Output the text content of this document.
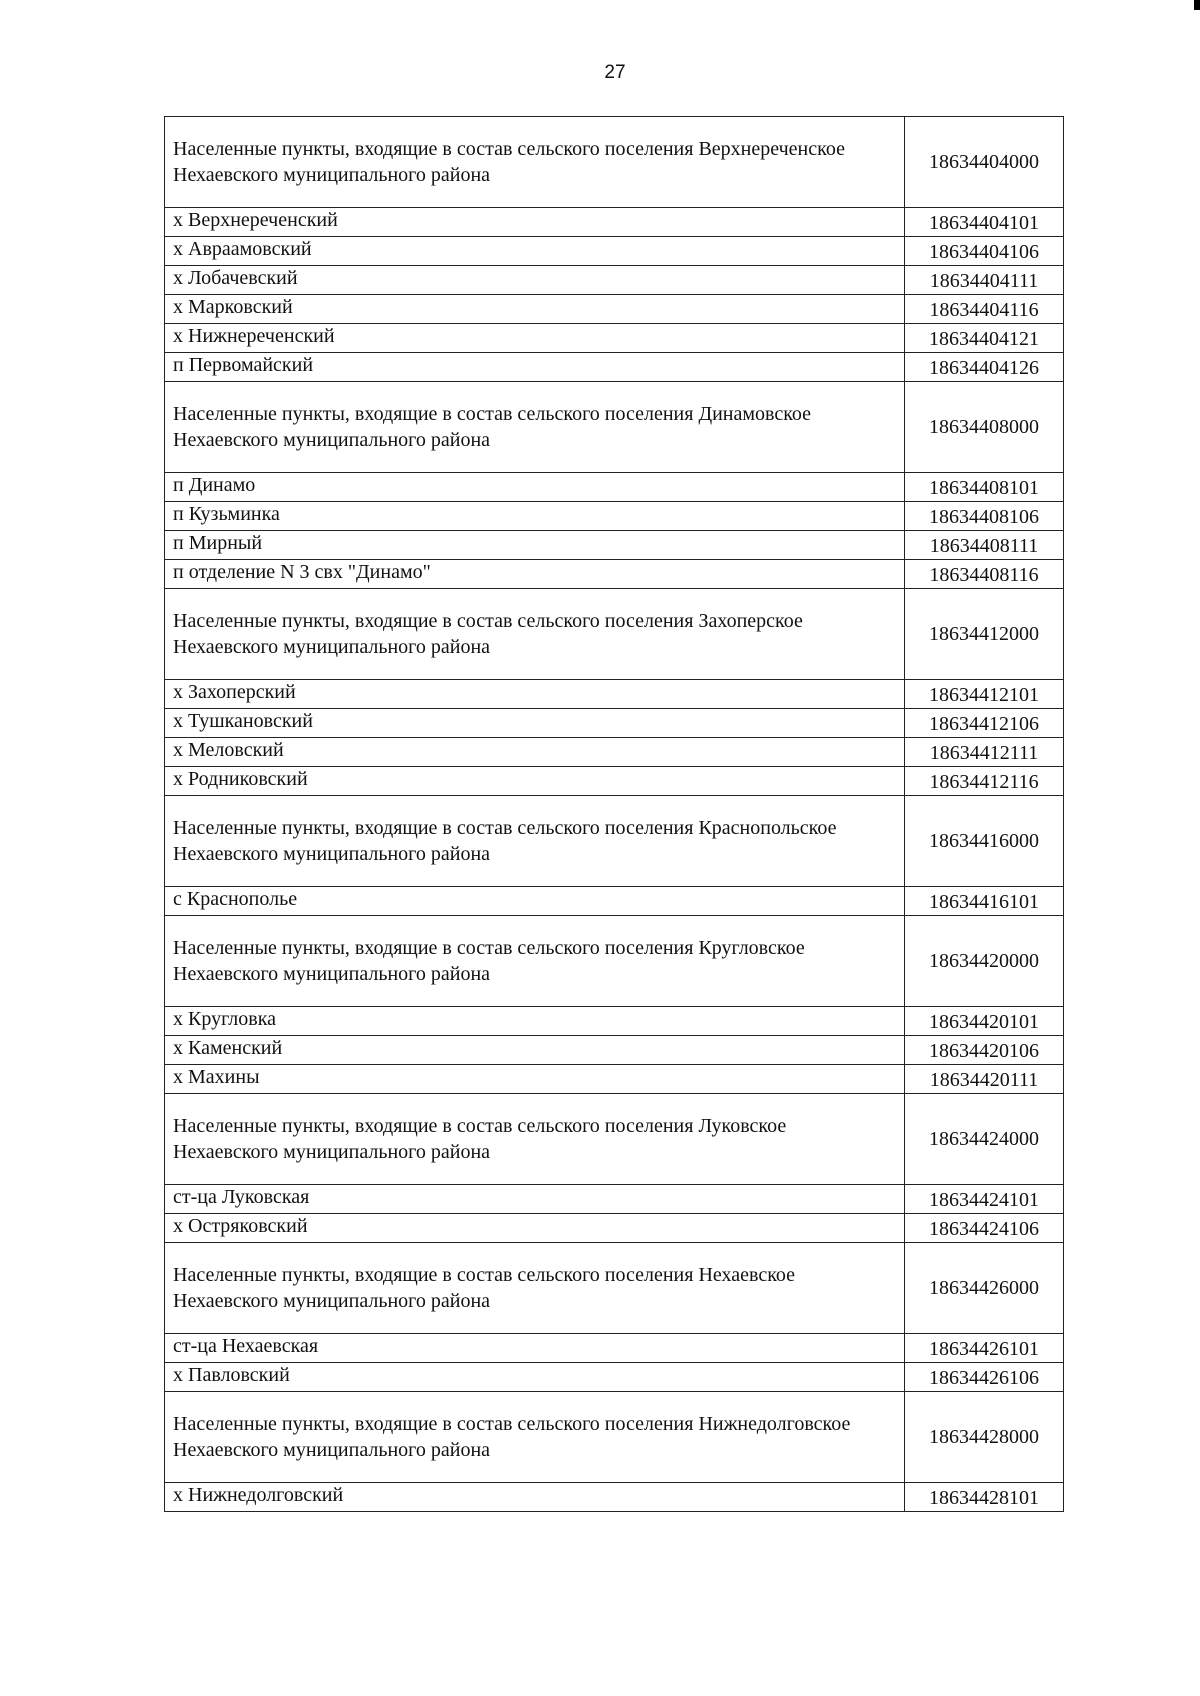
27
Населенные пункты, входящие в состав сельского поселения Верхнереченское Нехаевского муниципального района	18634404000
х Верхнереченский	18634404101
х Авраамовский	18634404106
х Лобачевский	18634404111
х Марковский	18634404116
х Нижнереченский	18634404121
п Первомайский	18634404126
Населенные пункты, входящие в состав сельского поселения Динамовское Нехаевского муниципального района	18634408000
п Динамо	18634408101
п Кузьминка	18634408106
п Мирный	18634408111
п отделение N 3 свх "Динамо"	18634408116
Населенные пункты, входящие в состав сельского поселения Захоперское Нехаевского муниципального района	18634412000
х Захоперский	18634412101
х Тушкановский	18634412106
х Меловский	18634412111
х Родниковский	18634412116
Населенные пункты, входящие в состав сельского поселения Краснопольское Нехаевского муниципального района	18634416000
с Краснополье	18634416101
Населенные пункты, входящие в состав сельского поселения Кругловское Нехаевского муниципального района	18634420000
х Кругловка	18634420101
х Каменский	18634420106
х Махины	18634420111
Населенные пункты, входящие в состав сельского поселения Луковское Нехаевского муниципального района	18634424000
ст-ца Луковская	18634424101
х Остряковский	18634424106
Населенные пункты, входящие в состав сельского поселения Нехаевское Нехаевского муниципального района	18634426000
ст-ца Нехаевская	18634426101
х Павловский	18634426106
Населенные пункты, входящие в состав сельского поселения Нижнедолговское Нехаевского муниципального района	18634428000
х Нижнедолговский	18634428101
